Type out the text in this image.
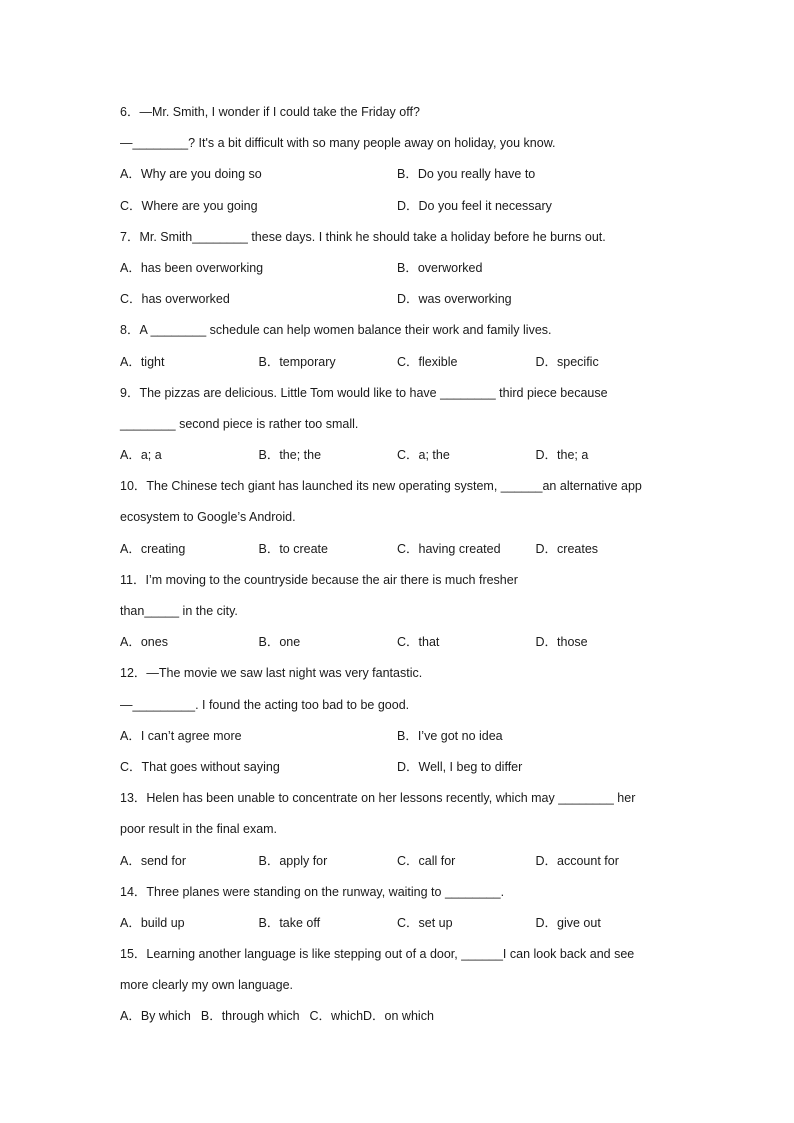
6．—Mr. Smith, I wonder if I could take the Friday off?
—________? It's a bit difficult with so many people away on holiday, you know.
A．Why are you doing so	B．Do you really have to
C．Where are you going	D．Do you feel it necessary
7．Mr. Smith________ these days. I think he should take a holiday before he burns out.
A．has been overworking	B．overworked
C．has overworked	D．was overworking
8．A ________ schedule can help women balance their work and family lives.
A．tight	B．temporary	C．flexible	D．specific
9．The pizzas are delicious. Little Tom would like to have ________ third piece because
________ second piece is rather too small.
A．a; a	B．the; the	C．a; the	D．the; a
10．The Chinese tech giant has launched its new operating system, ______an alternative app
ecosystem to Google’s Android.
A．creating	B．to create	C．having created	D．creates
11．I’m moving to the countryside because the air there is much fresher
than_____ in the city.
A．ones	B．one	C．that	D．those
12．—The movie we saw last night was very fantastic.
—_________. I found the acting too bad to be good.
A．I can’t agree more	B．I’ve got no idea
C．That goes without saying	D．Well, I beg to differ
13．Helen has been unable to concentrate on her lessons recently, which may ________ her
poor result in the final exam.
A．send for	B．apply for	C．call for	D．account for
14．Three planes were standing on the runway, waiting to ________.
A．build up	B．take off	C．set up	D．give out
15．Learning another language is like stepping out of a door, ______I can look back and see
more clearly my own language.
A．By which B．through which C．whichD．on which
